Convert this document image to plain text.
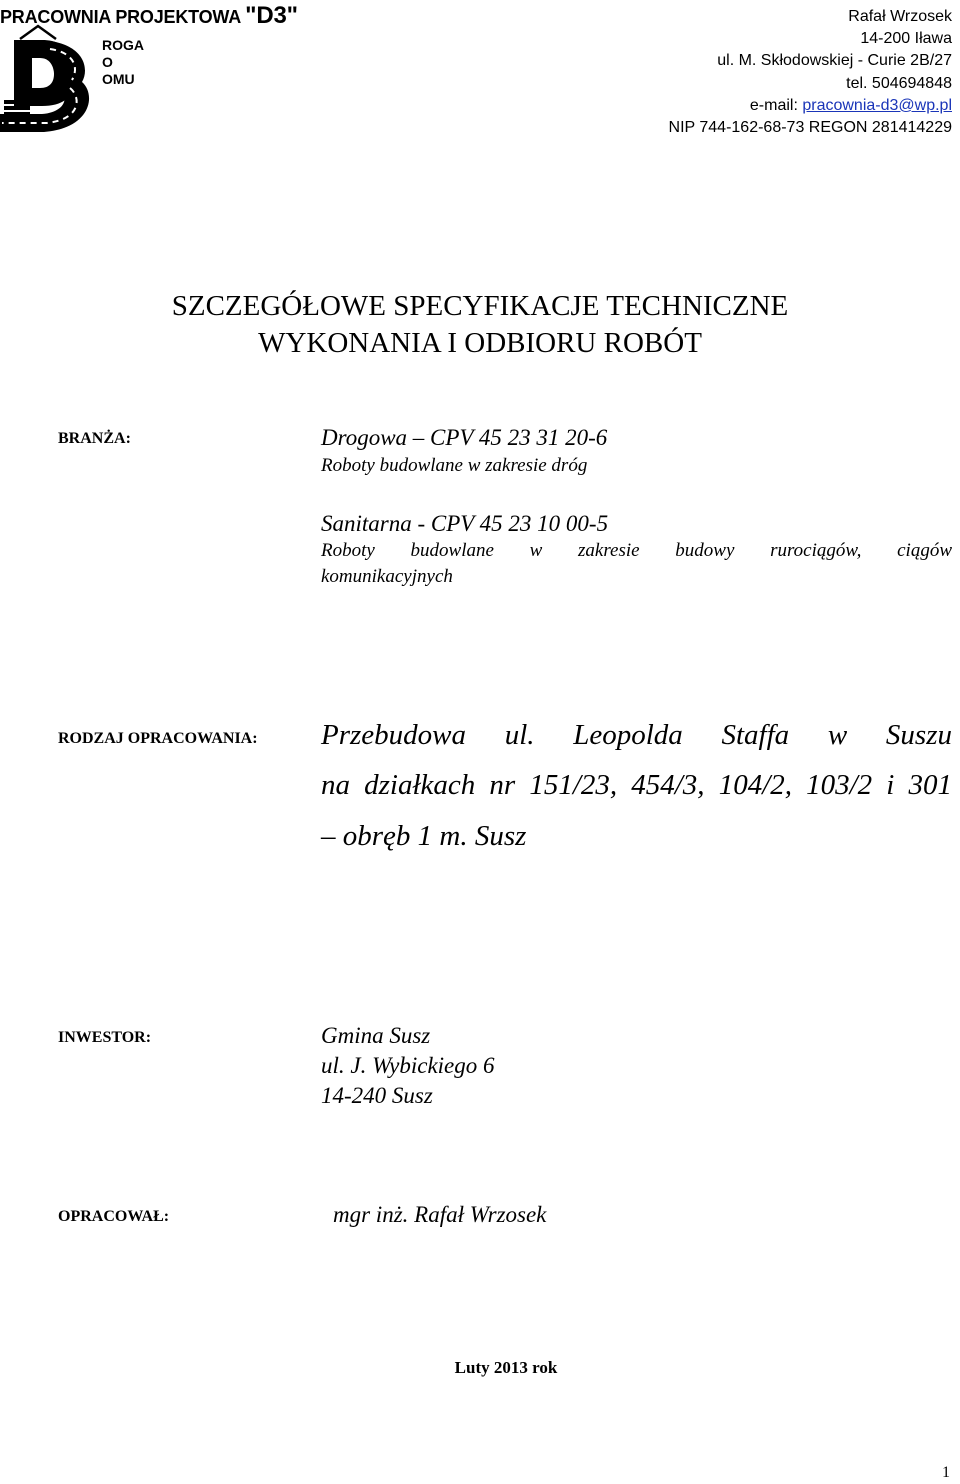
PRACOWNIA PROJEKTOWA "D3"
ROGA
O
OMU
Rafał Wrzosek
14-200 Iława
ul. M. Skłodowskiej - Curie 2B/27
tel. 504694848
e-mail: pracownia-d3@wp.pl
NIP 744-162-68-73 REGON 281414229
SZCZEGÓŁOWE SPECYFIKACJE TECHNICZNE
WYKONANIA I ODBIORU ROBÓT
BRANŻA:	Drogowa – CPV 45 23 31 20-6
Roboty budowlane w zakresie dróg
Sanitarna - CPV 45 23 10 00-5
Roboty budowlane w zakresie budowy rurociągów, ciągów
komunikacyjnych
RODZAJ OPRACOWANIA: Przebudowa ul. Leopolda Staffa w Suszu
na działkach nr 151/23, 454/3, 104/2, 103/2 i 301
– obręb 1 m. Susz
INWESTOR:	Gmina Susz
ul. J. Wybickiego 6
14-240 Susz
OPRACOWAŁ:	mgr inż. Rafał Wrzosek
Luty 2013 rok
1
